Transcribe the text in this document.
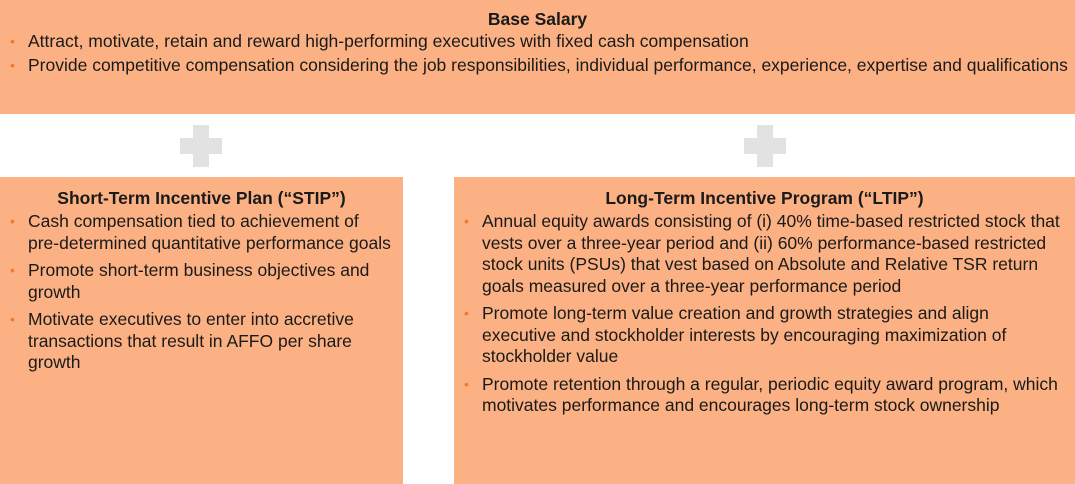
Base Salary
• Attract, motivate, retain and reward high-performing executives with fixed cash compensation
• Provide competitive compensation considering the job responsibilities, individual performance, experience, expertise and qualifications
Short-Term Incentive Plan (“STIP”)
• Cash compensation tied to achievement of pre-determined quantitative performance goals
• Promote short-term business objectives and growth
• Motivate executives to enter into accretive transactions that result in AFFO per share growth
Long-Term Incentive Program (“LTIP”)
• Annual equity awards consisting of (i) 40% time-based restricted stock that vests over a three-year period and (ii) 60% performance-based restricted stock units (PSUs) that vest based on Absolute and Relative TSR return goals measured over a three-year performance period
• Promote long-term value creation and growth strategies and align executive and stockholder interests by encouraging maximization of stockholder value
• Promote retention through a regular, periodic equity award program, which motivates performance and encourages long-term stock ownership
